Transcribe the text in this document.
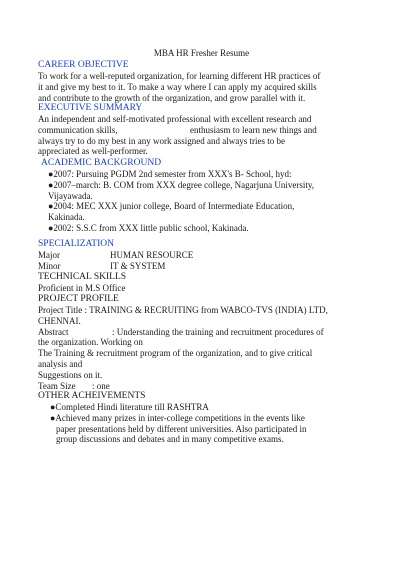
MBA HR Fresher Resume
CAREER OBJECTIVE
To work for a well-reputed organization, for learning different HR practices of
it and give my best to it. To make a way where I can apply my acquired skills
and contribute to the growth of the organization, and grow parallel with it.
EXECUTIVE SUMMARY
An independent and self-motivated professional with excellent research and
communication skills,	enthusiasm to learn new things and
always try to do my best in any work assigned and always tries to be
appreciated as well-performer.
ACADEMIC BACKGROUND
●2007: Pursuing PGDM 2nd semester from XXX's B- School, hyd:
●2007–march: B. COM from XXX degree college, Nagarjuna University,
Vijayawada.
●2004: MEC XXX junior college, Board of Intermediate Education,
Kakinada.
●2002: S.S.C from XXX little public school, Kakinada.
SPECIALIZATION
Major	HUMAN RESOURCE
Minor	IT & SYSTEM
TECHNICAL SKILLS
Proficient in M.S Office
PROJECT PROFILE
Project Title : TRAINING & RECRUITING from WABCO-TVS (INDIA) LTD,
CHENNAI.
Abstract	: Understanding the training and recruitment procedures of
the organization. Working on
The Training & recruitment program of the organization, and to give critical
analysis and
Suggestions on it.
Team Size	: one
OTHER ACHEIVEMENTS
●Completed Hindi literature till RASHTRA
●Achieved many prizes in inter-college competitions in the events like
paper presentations held by different universities. Also participated in
group discussions and debates and in many competitive exams.
